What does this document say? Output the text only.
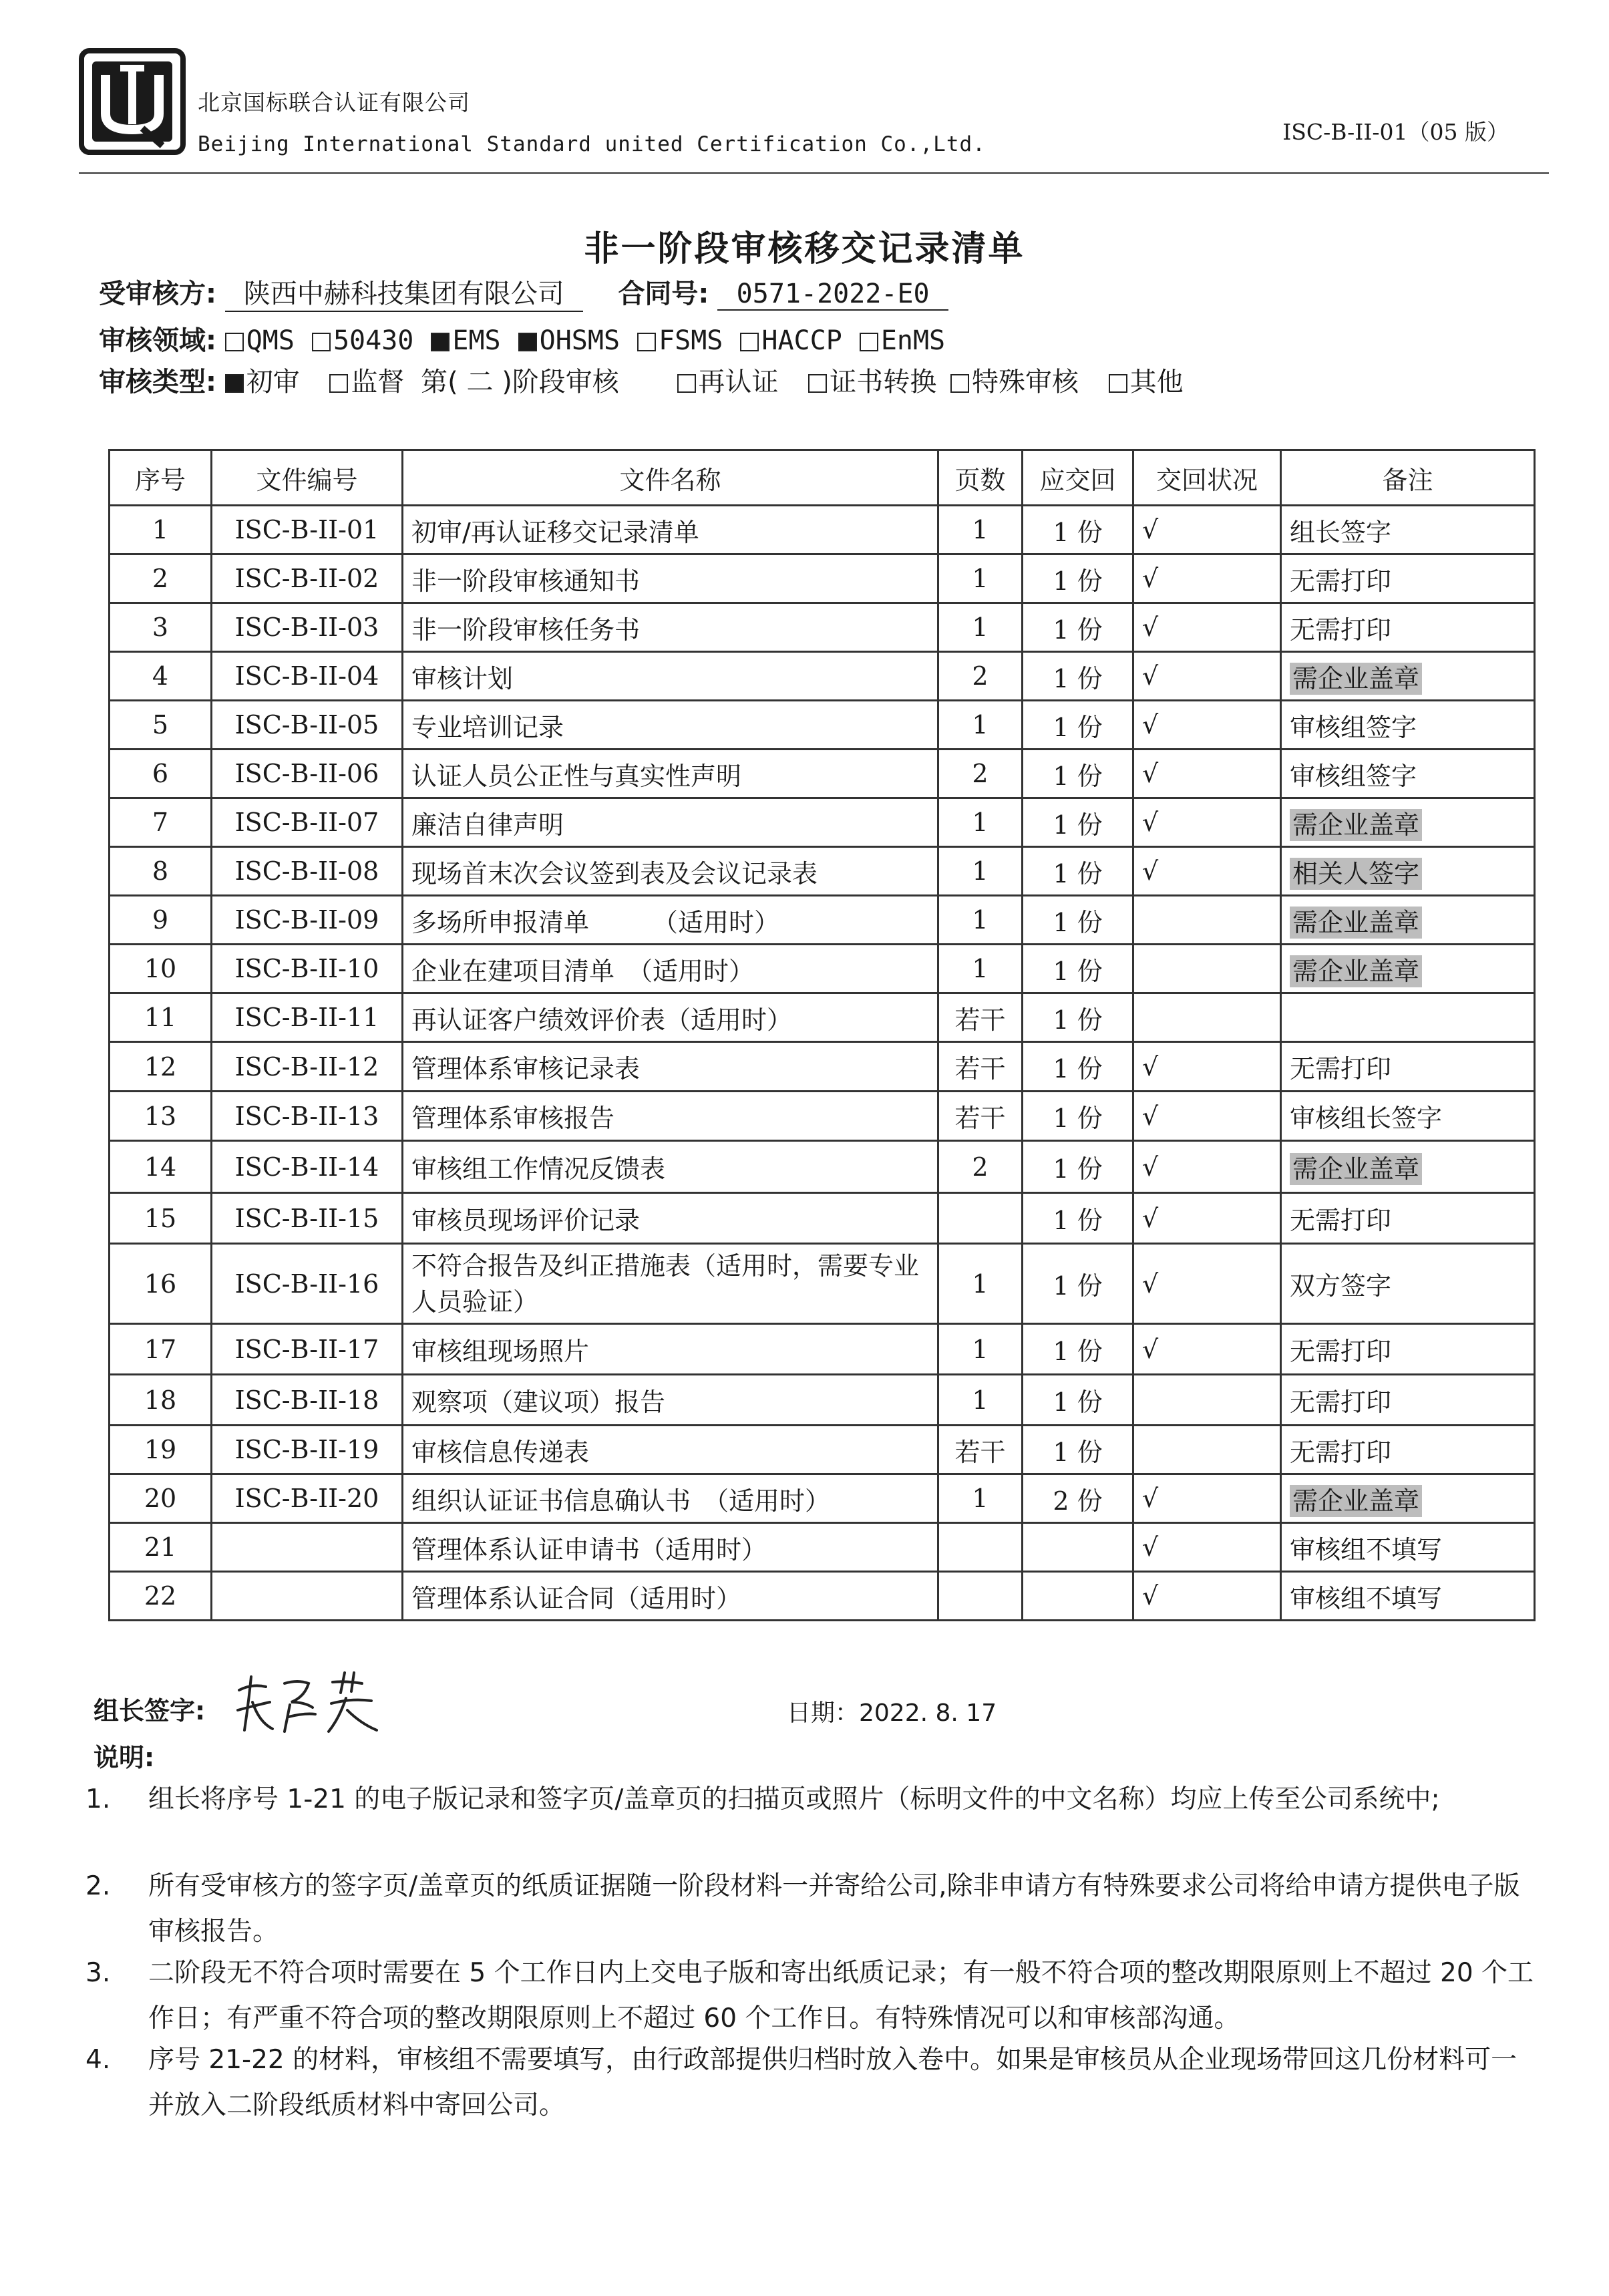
北京国标联合认证有限公司
Beijing International Standard united Certification Co.,Ltd.	ISC-B-II-01（05 版）
非一阶段审核移交记录清单
受审核方: 陕西中赫科技集团有限公司 合同号: 0571-2022-E0
审核领域: QMS 50430 EMS OHSMS FSMS HACCP EnMS
审核类型: 初审 监督 第( 二 )阶段审核	再认证 证书转换 特殊审核 其他
序号	文件编号	文件名称	页数	应交回	交回状况	备注
1	ISC-B-II-01	初审/再认证移交记录清单	1	1 份	√	组长签字
2	ISC-B-II-02	非一阶段审核通知书	1	1 份	√	无需打印
3	ISC-B-II-03	非一阶段审核任务书	1	1 份	√	无需打印
4	ISC-B-II-04	审核计划	2	1 份	√	需企业盖章
5	ISC-B-II-05	专业培训记录	1	1 份	√	审核组签字
6	ISC-B-II-06	认证人员公正性与真实性声明	2	1 份	√	审核组签字
7	ISC-B-II-07	廉洁自律声明	1	1 份	√	需企业盖章
8	ISC-B-II-08	现场首末次会议签到表及会议记录表	1	1 份	√	相关人签字
9	ISC-B-II-09	多场所申报清单　　　（适用时）	1	1 份		需企业盖章
10	ISC-B-II-10	企业在建项目清单　（适用时）	1	1 份		需企业盖章
11	ISC-B-II-11	再认证客户绩效评价表（适用时）	若干	1 份		
12	ISC-B-II-12	管理体系审核记录表	若干	1 份	√	无需打印
13	ISC-B-II-13	管理体系审核报告	若干	1 份	√	审核组长签字
14	ISC-B-II-14	审核组工作情况反馈表	2	1 份	√	需企业盖章
15	ISC-B-II-15	审核员现场评价记录		1 份	√	无需打印
16	ISC-B-II-16	不符合报告及纠正措施表（适用时，需要专业人员验证）	1	1 份	√	双方签字
17	ISC-B-II-17	审核组现场照片	1	1 份	√	无需打印
18	ISC-B-II-18	观察项（建议项）报告	1	1 份		无需打印
19	ISC-B-II-19	审核信息传递表	若干	1 份		无需打印
20	ISC-B-II-20	组织认证证书信息确认书　（适用时）	1	2 份	√	需企业盖章
21		管理体系认证申请书（适用时）			√	审核组不填写
22		管理体系认证合同（适用时）			√	审核组不填写
组长签字:	日期：2022. 8. 17
说明:
1. 组长将序号 1-21 的电子版记录和签字页/盖章页的扫描页或照片（标明文件的中文名称）均应上传至公司系统中;
2. 所有受审核方的签字页/盖章页的纸质证据随一阶段材料一并寄给公司,除非申请方有特殊要求公司将给申请方提供电子版审核报告。
3. 二阶段无不符合项时需要在 5 个工作日内上交电子版和寄出纸质记录；有一般不符合项的整改期限原则上不超过 20 个工作日；有严重不符合项的整改期限原则上不超过 60 个工作日。有特殊情况可以和审核部沟通。
4. 序号 21-22 的材料，审核组不需要填写，由行政部提供归档时放入卷中。如果是审核员从企业现场带回这几份材料可一并放入二阶段纸质材料中寄回公司。
